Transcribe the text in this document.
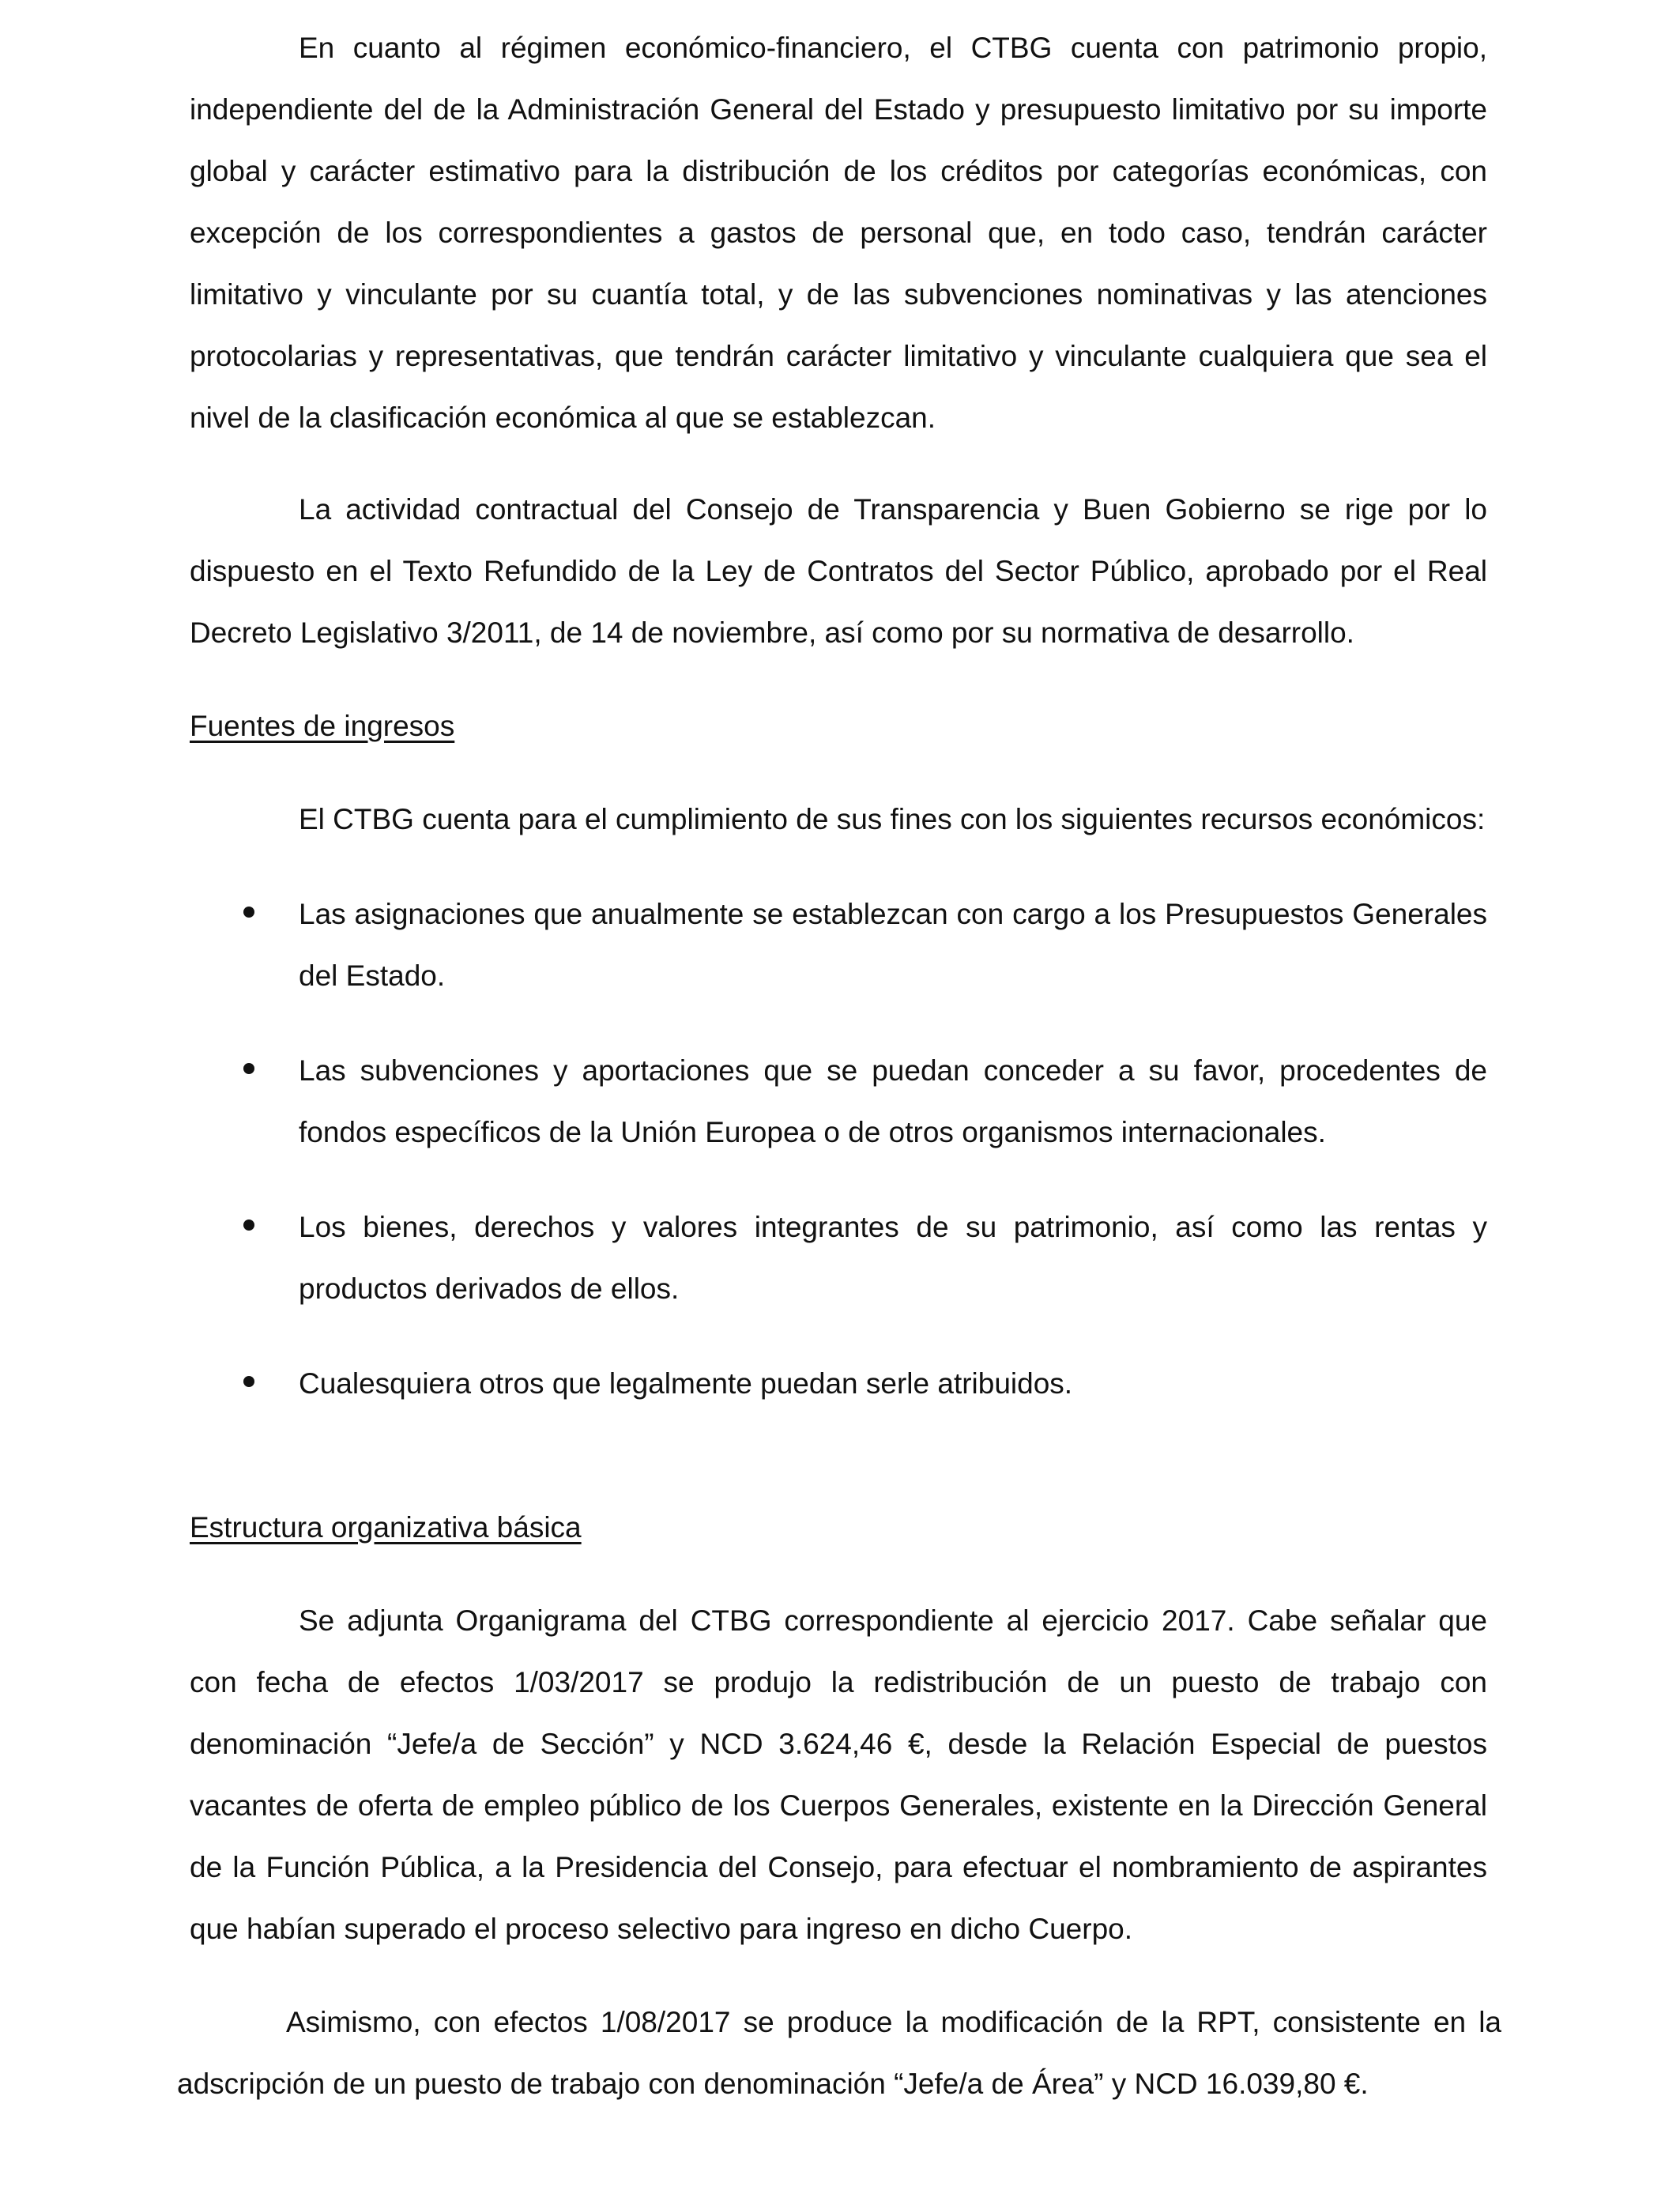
En cuanto al régimen económico-financiero, el CTBG cuenta con patrimonio propio, independiente del de la Administración General del Estado y presupuesto limitativo por su importe global y carácter estimativo para la distribución de los créditos por categorías económicas, con excepción de los correspondientes a gastos de personal que, en todo caso, tendrán carácter limitativo y vinculante por su cuantía total, y de las subvenciones nominativas y las atenciones protocolarias y representativas, que tendrán carácter limitativo y vinculante cualquiera que sea el nivel de la clasificación económica al que se establezcan.

La actividad contractual del Consejo de Transparencia y Buen Gobierno se rige por lo dispuesto en el Texto Refundido de la Ley de Contratos del Sector Público, aprobado por el Real Decreto Legislativo 3/2011, de 14 de noviembre, así como por su normativa de desarrollo.

Fuentes de ingresos

El CTBG cuenta para el cumplimiento de sus fines con los siguientes recursos económicos:

Las asignaciones que anualmente se establezcan con cargo a los Presupuestos Generales del Estado.
Las subvenciones y aportaciones que se puedan conceder a su favor, procedentes de fondos específicos de la Unión Europea o de otros organismos internacionales.
Los bienes, derechos y valores integrantes de su patrimonio, así como las rentas y productos derivados de ellos.
Cualesquiera otros que legalmente puedan serle atribuidos.

Estructura organizativa básica

Se adjunta Organigrama del CTBG correspondiente al ejercicio 2017. Cabe señalar que con fecha de efectos 1/03/2017 se produjo la redistribución de un puesto de trabajo con denominación “Jefe/a de Sección” y NCD 3.624,46 €, desde la Relación Especial de puestos vacantes de oferta de empleo público de los Cuerpos Generales, existente en la Dirección General de la Función Pública, a la Presidencia del Consejo, para efectuar el nombramiento de aspirantes que habían superado el proceso selectivo para ingreso en dicho Cuerpo.

Asimismo, con efectos 1/08/2017 se produce la modificación de la RPT, consistente en la adscripción de un puesto de trabajo con denominación “Jefe/a de Área” y NCD 16.039,80 €.
